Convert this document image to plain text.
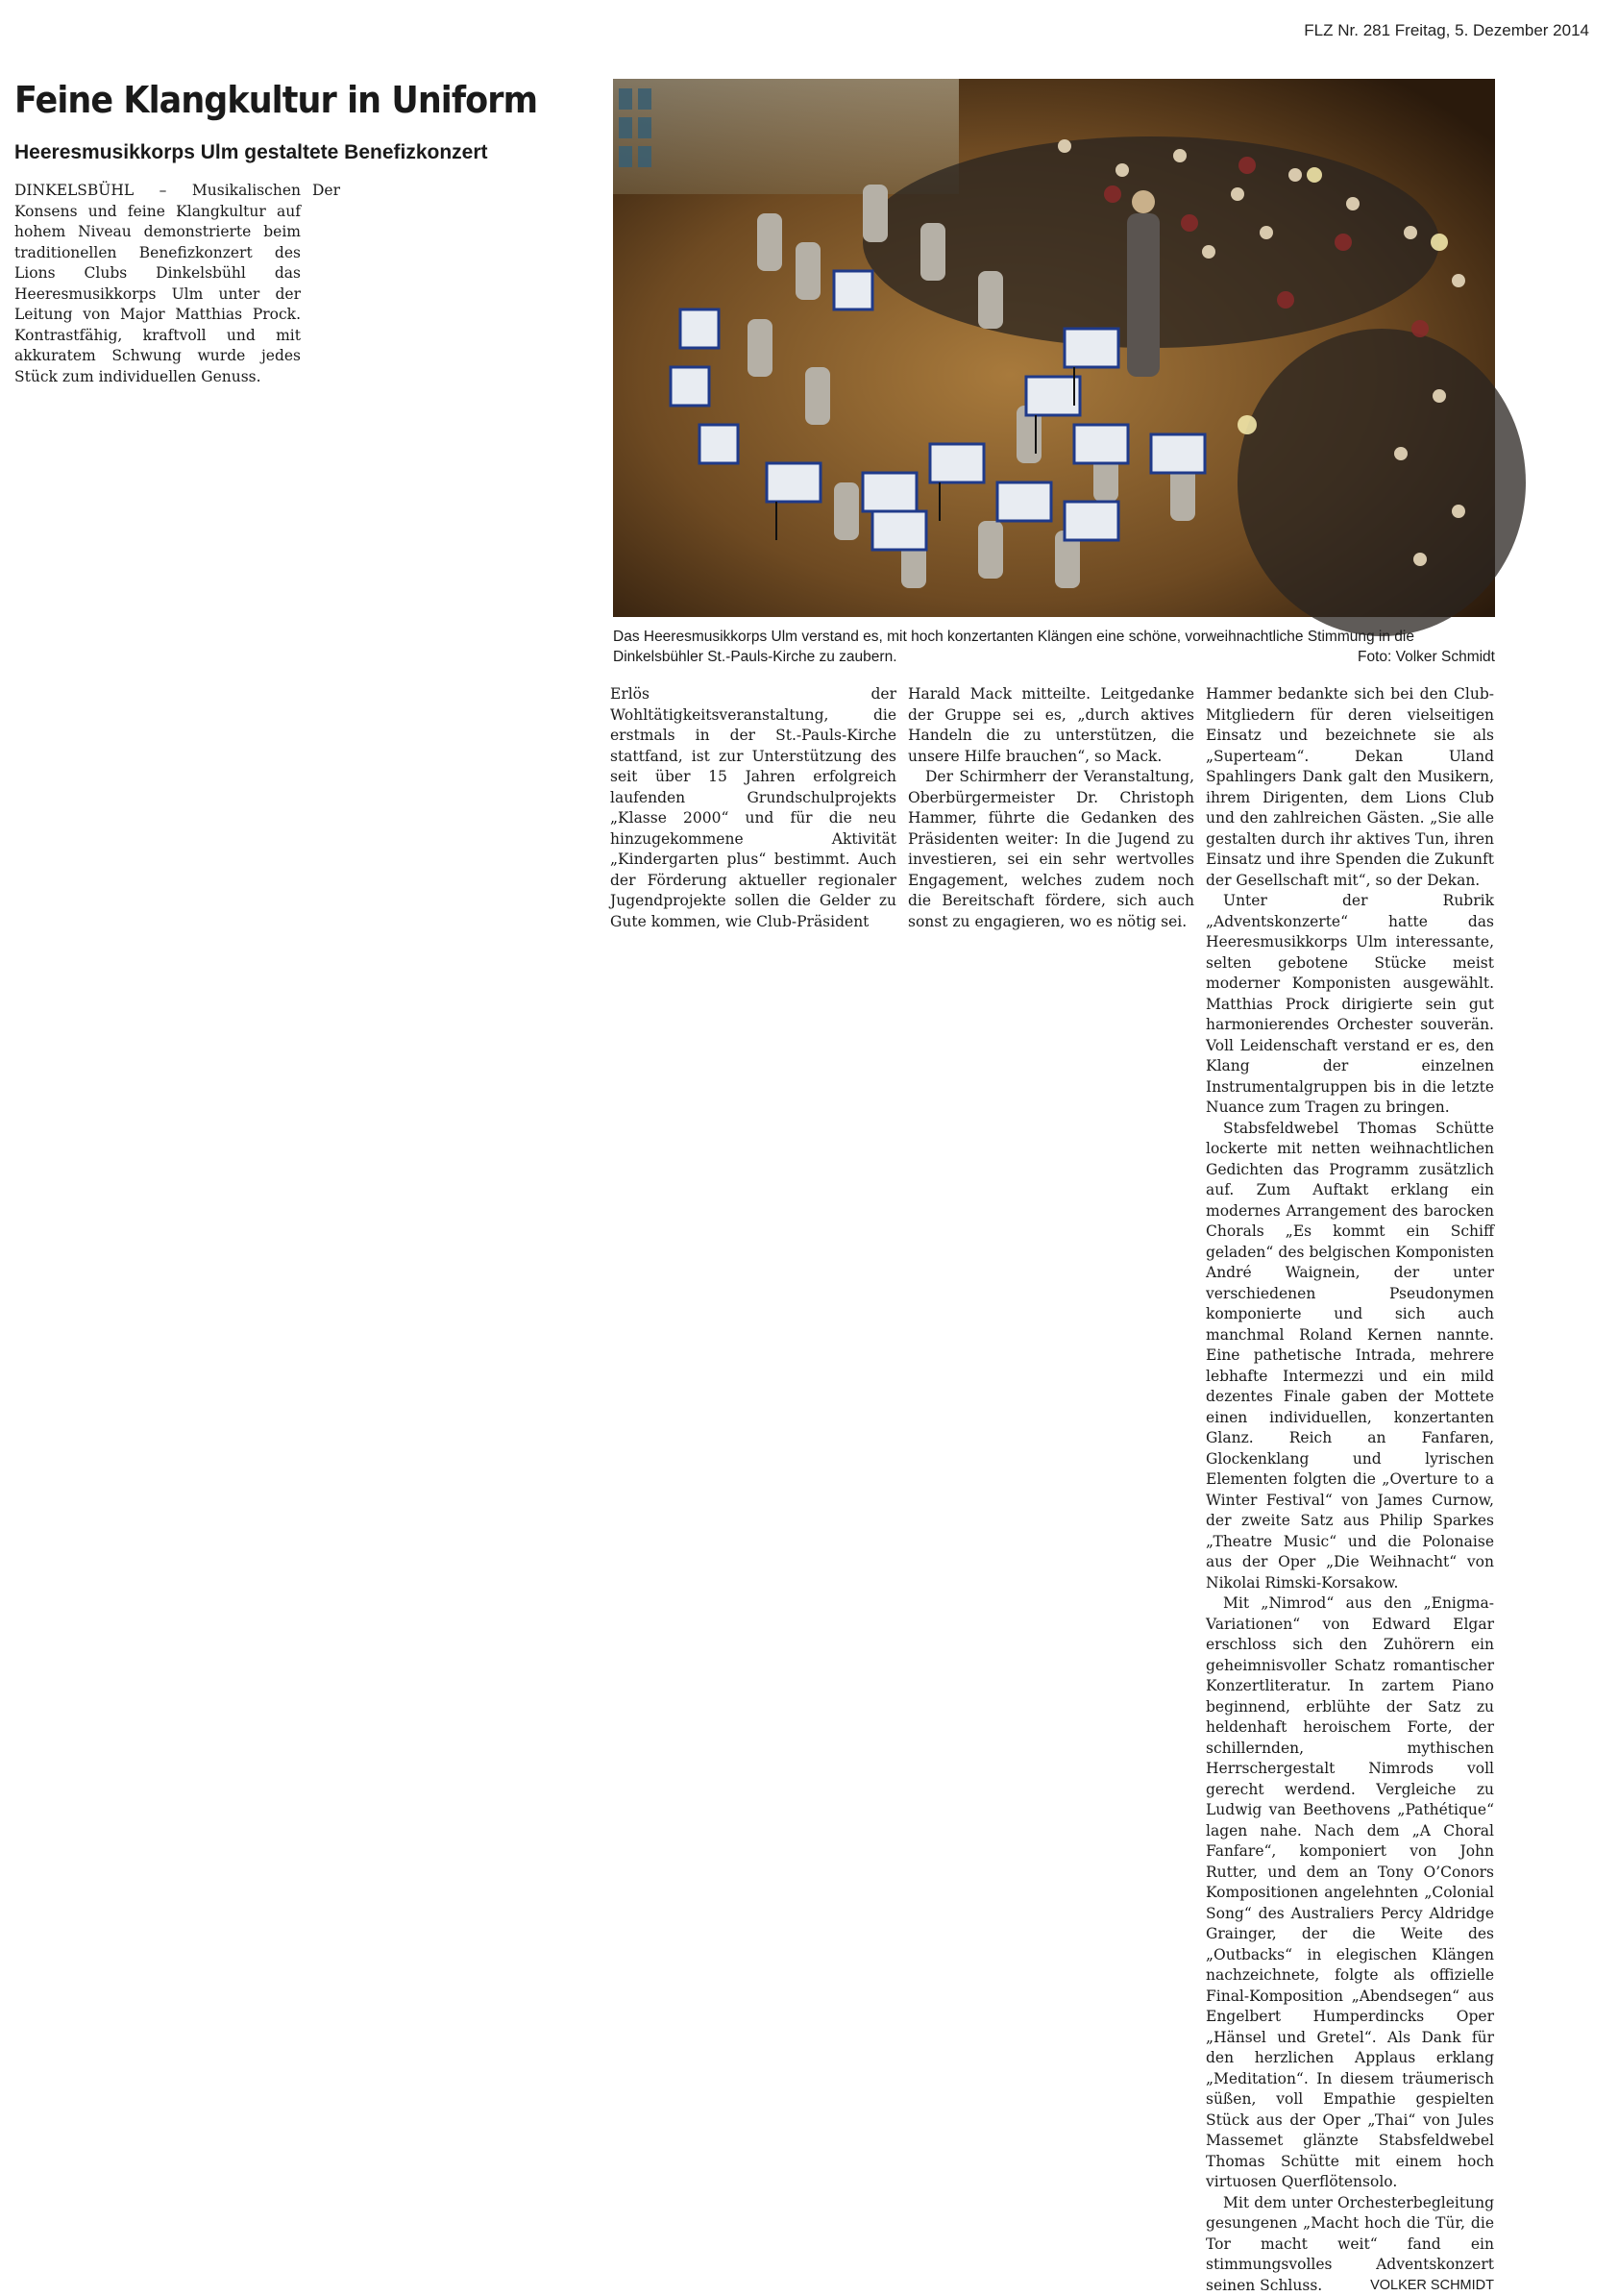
FLZ Nr. 281 Freitag, 5. Dezember 2014
Feine Klangkultur in Uniform
Heeresmusikkorps Ulm gestaltete Benefizkonzert

DINKELSBÜHL – Musikalischen Konsens und feine Klangkultur auf hohem Niveau demonstrierte beim traditionellen Benefizkonzert des Lions Clubs Dinkelsbühl das Heeresmusikkorps Ulm unter der Leitung von Major Matthias Prock. Kontrastfähig, kraftvoll und mit akkuratem Schwung wurde jedes Stück zum individuellen Genuss.

Das Heeresmusikkorps Ulm verstand es, mit hoch konzertanten Klängen eine schöne, vorweihnachtliche Stimmung in die Dinkelsbühler St.-Pauls-Kirche zu zaubern.	Foto: Volker Schmidt

Erlös der Wohltätigkeitsveranstaltung, die erstmals in der St.-Pauls-Kirche stattfand, ist zur Unterstützung des seit über 15 Jahren erfolgreich laufenden Grundschulprojekts „Klasse 2000“ und für die neu hinzugekommene Aktivität „Kindergarten plus“ bestimmt. Auch der Förderung aktueller regionaler Jugendprojekte sollen die Gelder zu Gute kommen, wie Club-Präsident

Harald Mack mitteilte. Leitgedanke der Gruppe sei es, „durch aktives Handeln die zu unterstützen, die unsere Hilfe brauchen“, so Mack.

Der Schirmherr der Veranstaltung, Oberbürgermeister Dr. Christoph Hammer, führte die Gedanken des Präsidenten weiter: In die Jugend zu investieren, sei ein sehr wertvolles Engagement, welches zudem noch die Bereitschaft fördere, sich auch sonst zu engagieren, wo es nötig sei.

Hammer bedankte sich bei den Club-Mitgliedern für deren vielseitigen Einsatz und bezeichnete sie als „Superteam“. Dekan Uland Spahlingers Dank galt den Musikern, ihrem Dirigenten, dem Lions Club und den zahlreichen Gästen. „Sie alle gestalten durch ihr aktives Tun, ihren Einsatz und ihre Spenden die Zukunft der Gesellschaft mit“, so der Dekan.

Unter der Rubrik „Adventskonzerte“ hatte das Heeresmusikkorps Ulm interessante, selten gebotene Stücke meist moderner Komponisten ausgewählt. Matthias Prock dirigierte sein gut harmonierendes Orchester souverän. Voll Leidenschaft verstand er es, den Klang der einzelnen Instrumentalgruppen bis in die letzte Nuance zum Tragen zu bringen.

Stabsfeldwebel Thomas Schütte lockerte mit netten weihnachtlichen Gedichten das Programm zusätzlich auf. Zum Auftakt erklang ein modernes Arrangement des barocken Chorals „Es kommt ein Schiff geladen“ des belgischen Komponisten André Waignein, der unter verschiedenen Pseudonymen komponierte und sich auch manchmal Roland Kernen nannte. Eine pathetische Intrada, mehrere lebhafte Intermezzi und ein mild dezentes Finale gaben der Mottete einen individuellen, konzertanten Glanz. Reich an Fanfaren, Glockenklang und lyrischen Elementen folgten die „Overture to a Winter Festival“ von James Curnow, der zweite Satz aus Philip Sparkes „Theatre Music“ und die Polonaise aus der Oper „Die Weihnacht“ von Nikolai Rimski-Korsakow.

Mit „Nimrod“ aus den „Enigma-Variationen“ von Edward Elgar erschloss sich den Zuhörern ein geheimnisvoller Schatz romantischer Konzertliteratur. In zartem Piano beginnend, erblühte der Satz zu heldenhaft heroischem Forte, der schillernden, mythischen Herrschergestalt Nimrods voll gerecht werdend. Vergleiche zu Ludwig van Beethovens „Pathétique“ lagen nahe. Nach dem „A Choral Fanfare“, komponiert von John Rutter, und dem an Tony O’Conors Kompositionen angelehnten „Colonial Song“ des Australiers Percy Aldridge Grainger, der die Weite des „Outbacks“ in elegischen Klängen nachzeichnete, folgte als offizielle Final-Komposition „Abendsegen“ aus Engelbert Humperdincks Oper „Hänsel und Gretel“. Als Dank für den herzlichen Applaus erklang „Meditation“. In diesem träumerisch süßen, voll Empathie gespielten Stück aus der Oper „Thai“ von Jules Massemet glänzte Stabsfeldwebel Thomas Schütte mit einem hoch virtuosen Querflötensolo.

Mit dem unter Orchesterbegleitung gesungenen „Macht hoch die Tür, die Tor macht weit“ fand ein stimmungsvolles Adventskonzert seinen Schluss.	VOLKER SCHMIDT

Der
